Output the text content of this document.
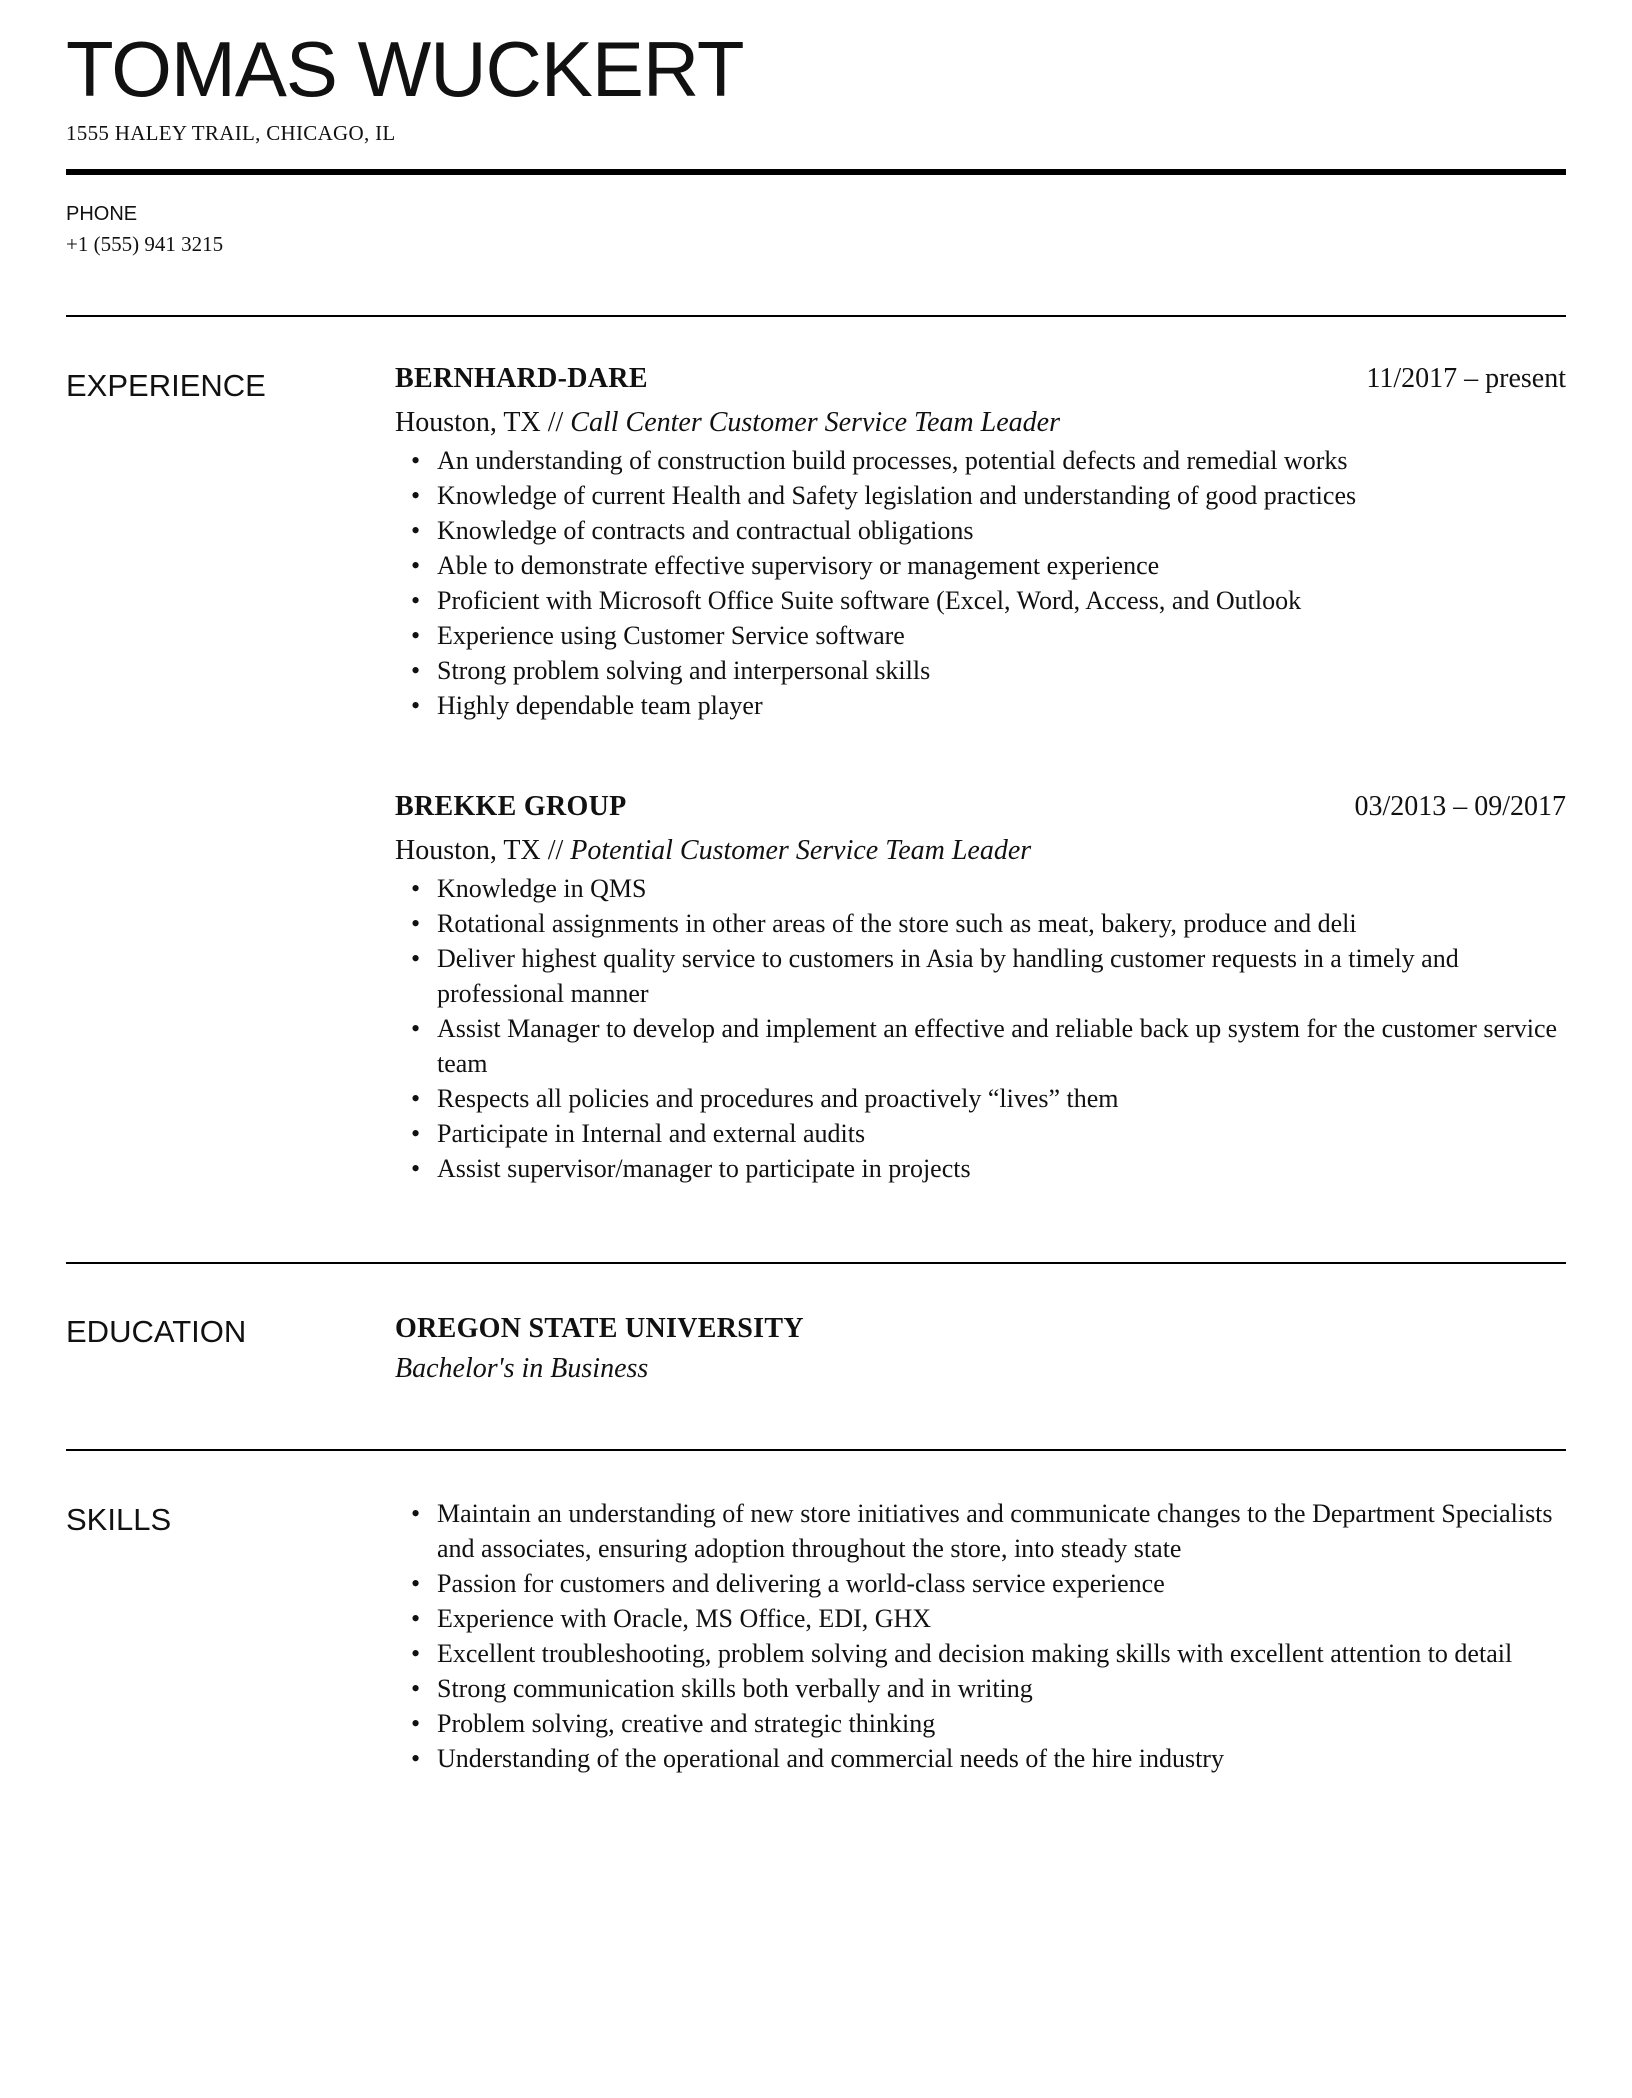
TOMAS WUCKERT
1555 HALEY TRAIL, CHICAGO, IL
PHONE
+1 (555) 941 3215
EXPERIENCE	BERNHARD-DARE	11/2017 – present
Houston, TX // Call Center Customer Service Team Leader
• An understanding of construction build processes, potential defects and remedial works
• Knowledge of current Health and Safety legislation and understanding of good practices
• Knowledge of contracts and contractual obligations
• Able to demonstrate effective supervisory or management experience
• Proficient with Microsoft Office Suite software (Excel, Word, Access, and Outlook
• Experience using Customer Service software
• Strong problem solving and interpersonal skills
• Highly dependable team player
BREKKE GROUP	03/2013 – 09/2017
Houston, TX // Potential Customer Service Team Leader
• Knowledge in QMS
• Rotational assignments in other areas of the store such as meat, bakery, produce and deli
• Deliver highest quality service to customers in Asia by handling customer requests in a timely and professional manner
• Assist Manager to develop and implement an effective and reliable back up system for the customer service team
• Respects all policies and procedures and proactively “lives” them
• Participate in Internal and external audits
• Assist supervisor/manager to participate in projects
EDUCATION	OREGON STATE UNIVERSITY
Bachelor's in Business
SKILLS
•	Maintain an understanding of new store initiatives and communicate changes to the Department Specialists and associates, ensuring adoption throughout the store, into steady state
• Passion for customers and delivering a world-class service experience
• Experience with Oracle, MS Office, EDI, GHX
• Excellent troubleshooting, problem solving and decision making skills with excellent attention to detail
• Strong communication skills both verbally and in writing
• Problem solving, creative and strategic thinking
• Understanding of the operational and commercial needs of the hire industry
